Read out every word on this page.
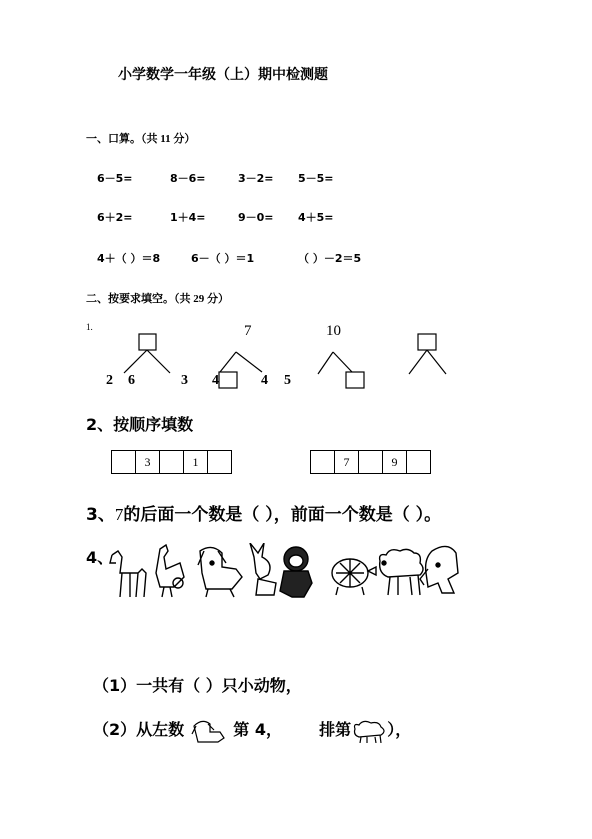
小学数学一年级（上）期中检测题
一、口算。（共 11 分）
6－5=	8－6=	3－2= 5－5=
6＋2=	1＋4=	9－0= 4＋5=
4＋（ ）＝8	6－（ ）＝1	（ ）－2＝5
二、按要求填空。（共 29 分）
1.	7	10
2 6	3 4	4 5
2、按顺序填数
3	1	7	9
3、7的后面一个数是（ ），前面一个数是（ ）。
4、
（1）一共有（ ）只小动物，
（2）从左数	第 4， 排第 ），
